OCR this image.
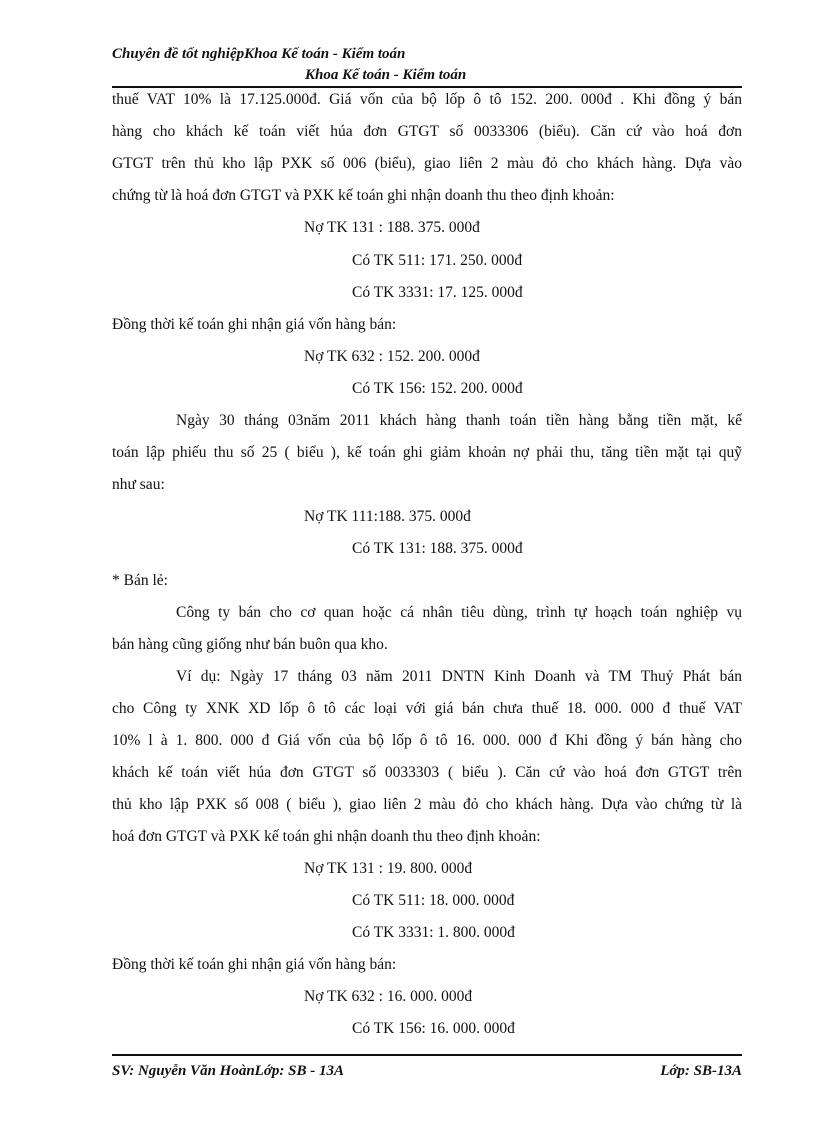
Chuyên đề tốt nghiệpKhoa Kế toán - Kiểm toán
Khoa Kế toán - Kiểm toán
thuế VAT 10% là 17.125.000đ. Giá vốn của bộ lốp ô tô 152. 200. 000đ . Khi đồng ý bán
hàng cho khách kế toán viết húa đơn GTGT số 0033306 (biểu). Căn cứ vào hoá đơn
GTGT trên thủ kho lập PXK số 006 (biểu), giao liên 2 màu đỏ cho khách hàng. Dựa vào
chứng từ là hoá đơn GTGT và PXK kế toán ghi nhận doanh thu theo định khoản:
Nợ TK 131 : 188. 375. 000đ
Có TK 511: 171. 250. 000đ
Có TK 3331: 17. 125. 000đ
Đồng thời kế toán ghi nhận giá vốn hàng bán:
Nợ TK 632 : 152. 200. 000đ
Có TK 156: 152. 200. 000đ
Ngày 30 tháng 03năm 2011 khách hàng thanh toán tiền hàng bằng tiền mặt, kế
toán lập phiếu thu số 25 ( biểu ), kế toán ghi giảm khoản nợ phải thu, tăng tiền mặt tại quỹ
như sau:
Nợ TK 111:188. 375. 000đ
Có TK 131: 188. 375. 000đ
* Bán lẻ:
Công ty bán cho cơ quan hoặc cá nhân tiêu dùng, trình tự hoạch toán nghiệp vụ
bán hàng cũng giống như bán buôn qua kho.
Ví dụ: Ngày 17 tháng 03 năm 2011 DNTN Kinh Doanh và TM Thuỷ Phát bán
cho Công ty XNK XD lốp ô tô các loại với giá bán chưa thuế 18. 000. 000 đ thuế VAT
10% l à 1. 800. 000 đ Giá vốn của bộ lốp ô tô 16. 000. 000 đ Khi đồng ý bán hàng cho
khách kế toán viết húa đơn GTGT số 0033303 ( biểu ). Căn cứ vào hoá đơn GTGT trên
thủ kho lập PXK số 008 ( biểu ), giao liên 2 màu đỏ cho khách hàng. Dựa vào chứng từ là
hoá đơn GTGT và PXK kế toán ghi nhận doanh thu theo định khoản:
Nợ TK 131 : 19. 800. 000đ
Có TK 511: 18. 000. 000đ
Có TK 3331: 1. 800. 000đ
Đồng thời kế toán ghi nhận giá vốn hàng bán:
Nợ TK 632 : 16. 000. 000đ
Có TK 156: 16. 000. 000đ
SV: Nguyễn Văn HoànLớp: SB - 13A	Lớp: SB-13A
